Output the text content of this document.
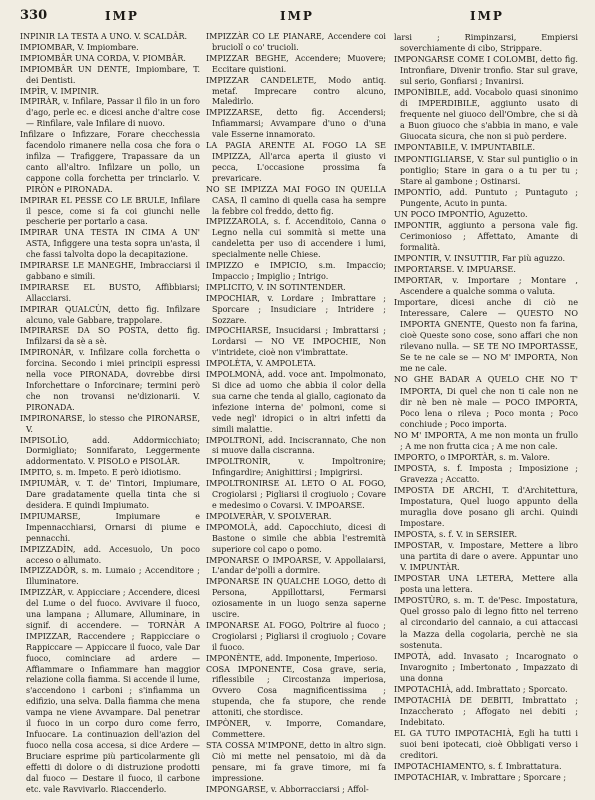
330	IMP	IMP	IMP

INPINIR LA TESTA A UNO. V. SCALDÂR.

IMPIOMBAR, V. Impiombare.

IMPIOMBÂR UNA CORDA, V. PIOMBÂR.

IMPIOMBÂR UN DENTE, Impiombare, T. dei Dentisti.

IMPÌR, V. IMPINIR.

IMPIRÀR, v. Infilare, Passar il filo in un foro d'ago, perle ec. e dicesi anche d'altre cose — Rinfilare, vale Infilare di nuovo.

Infilzare o Infizzare, Forare checchessia facendolo rimanere nella cosa che fora o infilza — Trafiggere, Trapassare da un canto all'altro. Infilzare un pollo, un cappone colla forchetta per trinciarlo. V. PIRÒN e PIRONADA.

IMPIRAR EL PESSE CO LE BRULE, Infilare il pesce, come si fa coi giunchi nelle pescherie per portarlo a casa.

IMPIRAR UNA TESTA IN CIMA A UN' ASTA, Infiggere una testa sopra un'asta, il che fassi talvolta dopo la decapitazione.

IMPIRARSE LE MANEGHE, Imbracciarsi il gabbano e simili.

IMPIRARSE EL BUSTO, Affibbiarsi; Allacciarsi.

IMPIRAR QUALCÙN, detto fig. Infilzare alcuno, vale Gabbare, trappolare.

IMPIRARSE DA SO POSTA, detto fig. Infilzarsi da sè a sè.

IMPIRONÀR, v. Infilzare colla forchetta o forcina. Secondo i miei principii espressi nella voce PIRONADA, dovrebbe dirsi Inforchettare o Inforcinare; termini però che non trovansi ne'dizionarii. V. PIRONADA.

IMPIRONARSE, lo stesso che PIRONARSE, V.

IMPISOLÌO, add. Addormicchiato; Dormigliato; Sonnifarato, Leggermente addormentato. V. PISOLO e PISOLÀR.

IMPITO, s. m. Impeto. E però idiotismo.

IMPIUMÀR, v. T. de' Tintori, Impiumare, Dare gradatamente quella tinta che si desidera. E quindi Impiumato.

IMPIUMARSE, Impiumare e Impennacchiarsi, Ornarsi di piume e pennacchi.

IMPIZZADÌN, add. Accesuolo, Un poco acceso o allumato.

IMPIZZADÒR, s. m. Lumaio ; Accenditore ; Illuminatore.

IMPIZZÀR, v. Appicciare ; Accendere, dicesi del Lume o del fuoco. Avvivare il fuoco, una lampana ; Allumare, Alluminare, in signif. di accendere. — TORNÀR A IMPIZZAR, Raccendere ; Rappicciare o Rappiccare — Appiccare il fuoco, vale Dar fuoco, cominciare ad ardere — Affiammare o Infiammare han maggior relazione colla fiamma. Si accende il lume, s'accendono i carboni ; s'infiamma un edifizio, una selva. Dalla fiamma che mena vampa ne viene Avvampare. Dal penetrar il fuoco in un corpo duro come ferro, Infuocare. La continuazion dell'azion del fuoco nella cosa accesa, si dice Ardere — Bruciare esprime più particolarmente gli effetti di dolore o di distruzione prodotti dal fuoco — Destare il fuoco, il carbone etc. vale Ravvivarlo. Riaccenderlo.

IMPIZZÀR CO LE PIANARE, Accendere coi bruciolî o co' trucioli.

IMPIZZAR BEGHE, Accendere; Muovere; Eccitare quistioni.

IMPIZZAR CANDELETE, Modo antiq. metaf. Imprecare contro alcuno, Maledirlo.

IMPIZZARSE, detto fig. Accendersi; Infiammarsi; Avvampare d'uno o d'una vale Esserne innamorato.

LA PAGIA ARENTE AL FOGO LA SE IMPIZZA, All'arca aperta il giusto vi pecca, L'occasione prossima fa prevaricare.

NO SE IMPIZZA MAI FOGO IN QUELLA CASA, Il camino di quella casa ha sempre la febbre col freddo, detto fig.

IMPIZZAROLA, s. f. Accenditoio, Canna o Legno nella cui sommità si mette una candeletta per uso di accendere i lumi, specialmente nelle Chiese.

IMPIZZO e IMPICIO, s.m. Impaccio; Impaccio ; Impiglio ; Intrigo.

IMPLICITO, V. IN SOTINTENDER.

IMPOCHIAR, v. Lordare ; Imbrattare ; Sporcare ; Insudiciare ; Intridere ; Sozzare.

IMPOCHIARSE, Insucidarsi ; Imbrattarsi ; Lordarsi — NO VE IMPOCHIE, Non v'intridete, cioè non v'imbrattate.

IMPOLÈTA, V. AMPOLETA.

IMPOLMONÀ, add. voce ant. Impolmonato, Si dice ad uomo che abbia il color della sua carne che tenda al giallo, cagionato da infezione interna de' polmoni, come si vede negl' idropici o in altri infetti da simili malattie.

IMPOLTRONÌ, add. Inciscrannato, Che non si muove dalla ciscranna.

IMPOLTRONÌR, v. Impoltronire; Infingardire; Anighittirsi ; Impigrirsi.

IMPOLTRONIRSE AL LETO O AL FOGO, Crogiolarsi ; Pigliarsi il crogiuolo ; Covare e medesimo o Covarsi. V. IMPOARSE.

IMPOLVERÀR, V. SPOLVERAR.

IMPOMOLÀ, add. Capocchiuto, dicesi di Bastone o simile che abbia l'estremità superiore col capo o pomo.

IMPONARSE O IMPOARSE, V. Appollaiarsi, L'andar de'polli a dormire.

IMPONARSE IN QUALCHE LOGO, detto di Persona, Appillottarsi, Fermarsi oziosamente in un luogo senza saperne uscire.

IMPONARSE AL FOGO, Poltrire al fuoco ; Crogiolarsi ; Pigliarsi il crogiuolo ; Covare il fuoco.

IMPONÈNTE, add. Imponente, Imperioso.

COSA IMPONENTE, Cosa grave, seria, riflessibile ; Circostanza imperiosa, Ovvero Cosa magnificentissima ; stupenda, che fa stupore, che rende attoniti, che stordisce.

IMPÒNER, v. Imporre, Comandare, Commettere.

STA COSSA M'IMPONE, detto in altro sign. Ciò mi mette nel pensatoio, mi dà da pensare, mi fa grave timore, mi fa impressione.

IMPONGARSE, v. Abborracciarsi ; Affol-

larsi ; Rimpinzarsi, Empiersi soverchiamente di cibo, Strippare.

IMPONGARSE COME I COLOMBI, detto fig. Intronfiare, Divenir tronfio. Star sul grave, sul serio, Gonfiarsi ; Invanirsi.

IMPONÌBILE, add. Vocabolo quasi sinonimo di IMPERDIBILE, aggiunto usato di frequente nel giuoco dell'Ombre, che si dà a Buon giuoco che s'abbia in mano, e vale Giuocata sicura, che non si può perdere.

IMPONTABILE, V. IMPUNTABILE.

IMPONTIGLIARSE, V. Star sul puntiglio o in pontiglio; Stare in gara o a tu per tu ; Stare al gambone ; Ostinarsi.

IMPONTÌO, add. Puntuto ; Puntaguto ; Pungente, Acuto in punta.

UN POCO IMPONTÌO, Aguzetto.

IMPONTIR, aggiunto a persona vale fig. Cerimonioso ; Affettato, Amante di formalità.

IMPONTIR, V. INSUTTIR, Far più aguzzo.

IMPORTARSE. V. IMPUARSE.

IMPORTAR, v. Importare ; Montare , Ascendere a qualche somma o valuta.

Importare, dicesi anche di ciò ne Interessare, Calere — QUESTO NO IMPORTA GNENTE, Questo non fa farina, cioè Queste sono cose, sono affari che non rilevano nulla. — SE TE NO IMPORTASSE, Se te ne cale se — NO M' IMPORTA, Non me ne cale.

NO GHE BADAR A QUELO CHE NO T' IMPORTA, Di quel che non ti cale non ne dir nè ben nè male — POCO IMPORTA, Poco lena o rileva ; Poco monta ; Poco conchiude ; Poco importa.

NO M' IMPORTA, A me non monta un frullo ; A me non frutta cica ; A me non cale.

IMPORTO, o IMPORTÀR, s. m. Valore.

IMPOSTA, s. f. Imposta ; Imposizione ; Gravezza ; Accatto.

IMPOSTA DE ARCHI, T. d'Architettura, Impostatura, Quel luogo appunto della muraglia dove posano gli archi. Quindi Impostare.

IMPOSTA, s. f. V. in SERSIER.

IMPOSTAR, v. Impostare, Mettere a libro una partita di dare o avere. Appuntar uno V. IMPUNTÀR.

IMPOSTAR UNA LETERA, Mettere alla posta una lettera.

IMPOSTÙRO, s. m. T. de'Pesc. Impostatura, Quel grosso palo di legno fitto nel terreno al circondario del cannaio, a cui attaccasi la Mazza della cogolaria, perchè ne sia sostenuta.

IMPOTÀ, add. Invasato ; Incarognato o Invarognito ; Imbertonato , Impazzato di una donna

IMPOTACHIÀ, add. Imbrattato ; Sporcato.

IMPOTACHIÀ DE DEBITI, Imbrattato ; Inzaccherato ; Affogato nei debiti ; Indebitato.

EL GA TUTO IMPOTACHIÀ, Egli ha tutti i suoi beni ipotecati, cioè Obbligati verso i creditori.

IMPOTACHIAMENTO, s. f. Imbrattatura.

IMPOTACHIAR, v. Imbrattare ; Sporcare ;
